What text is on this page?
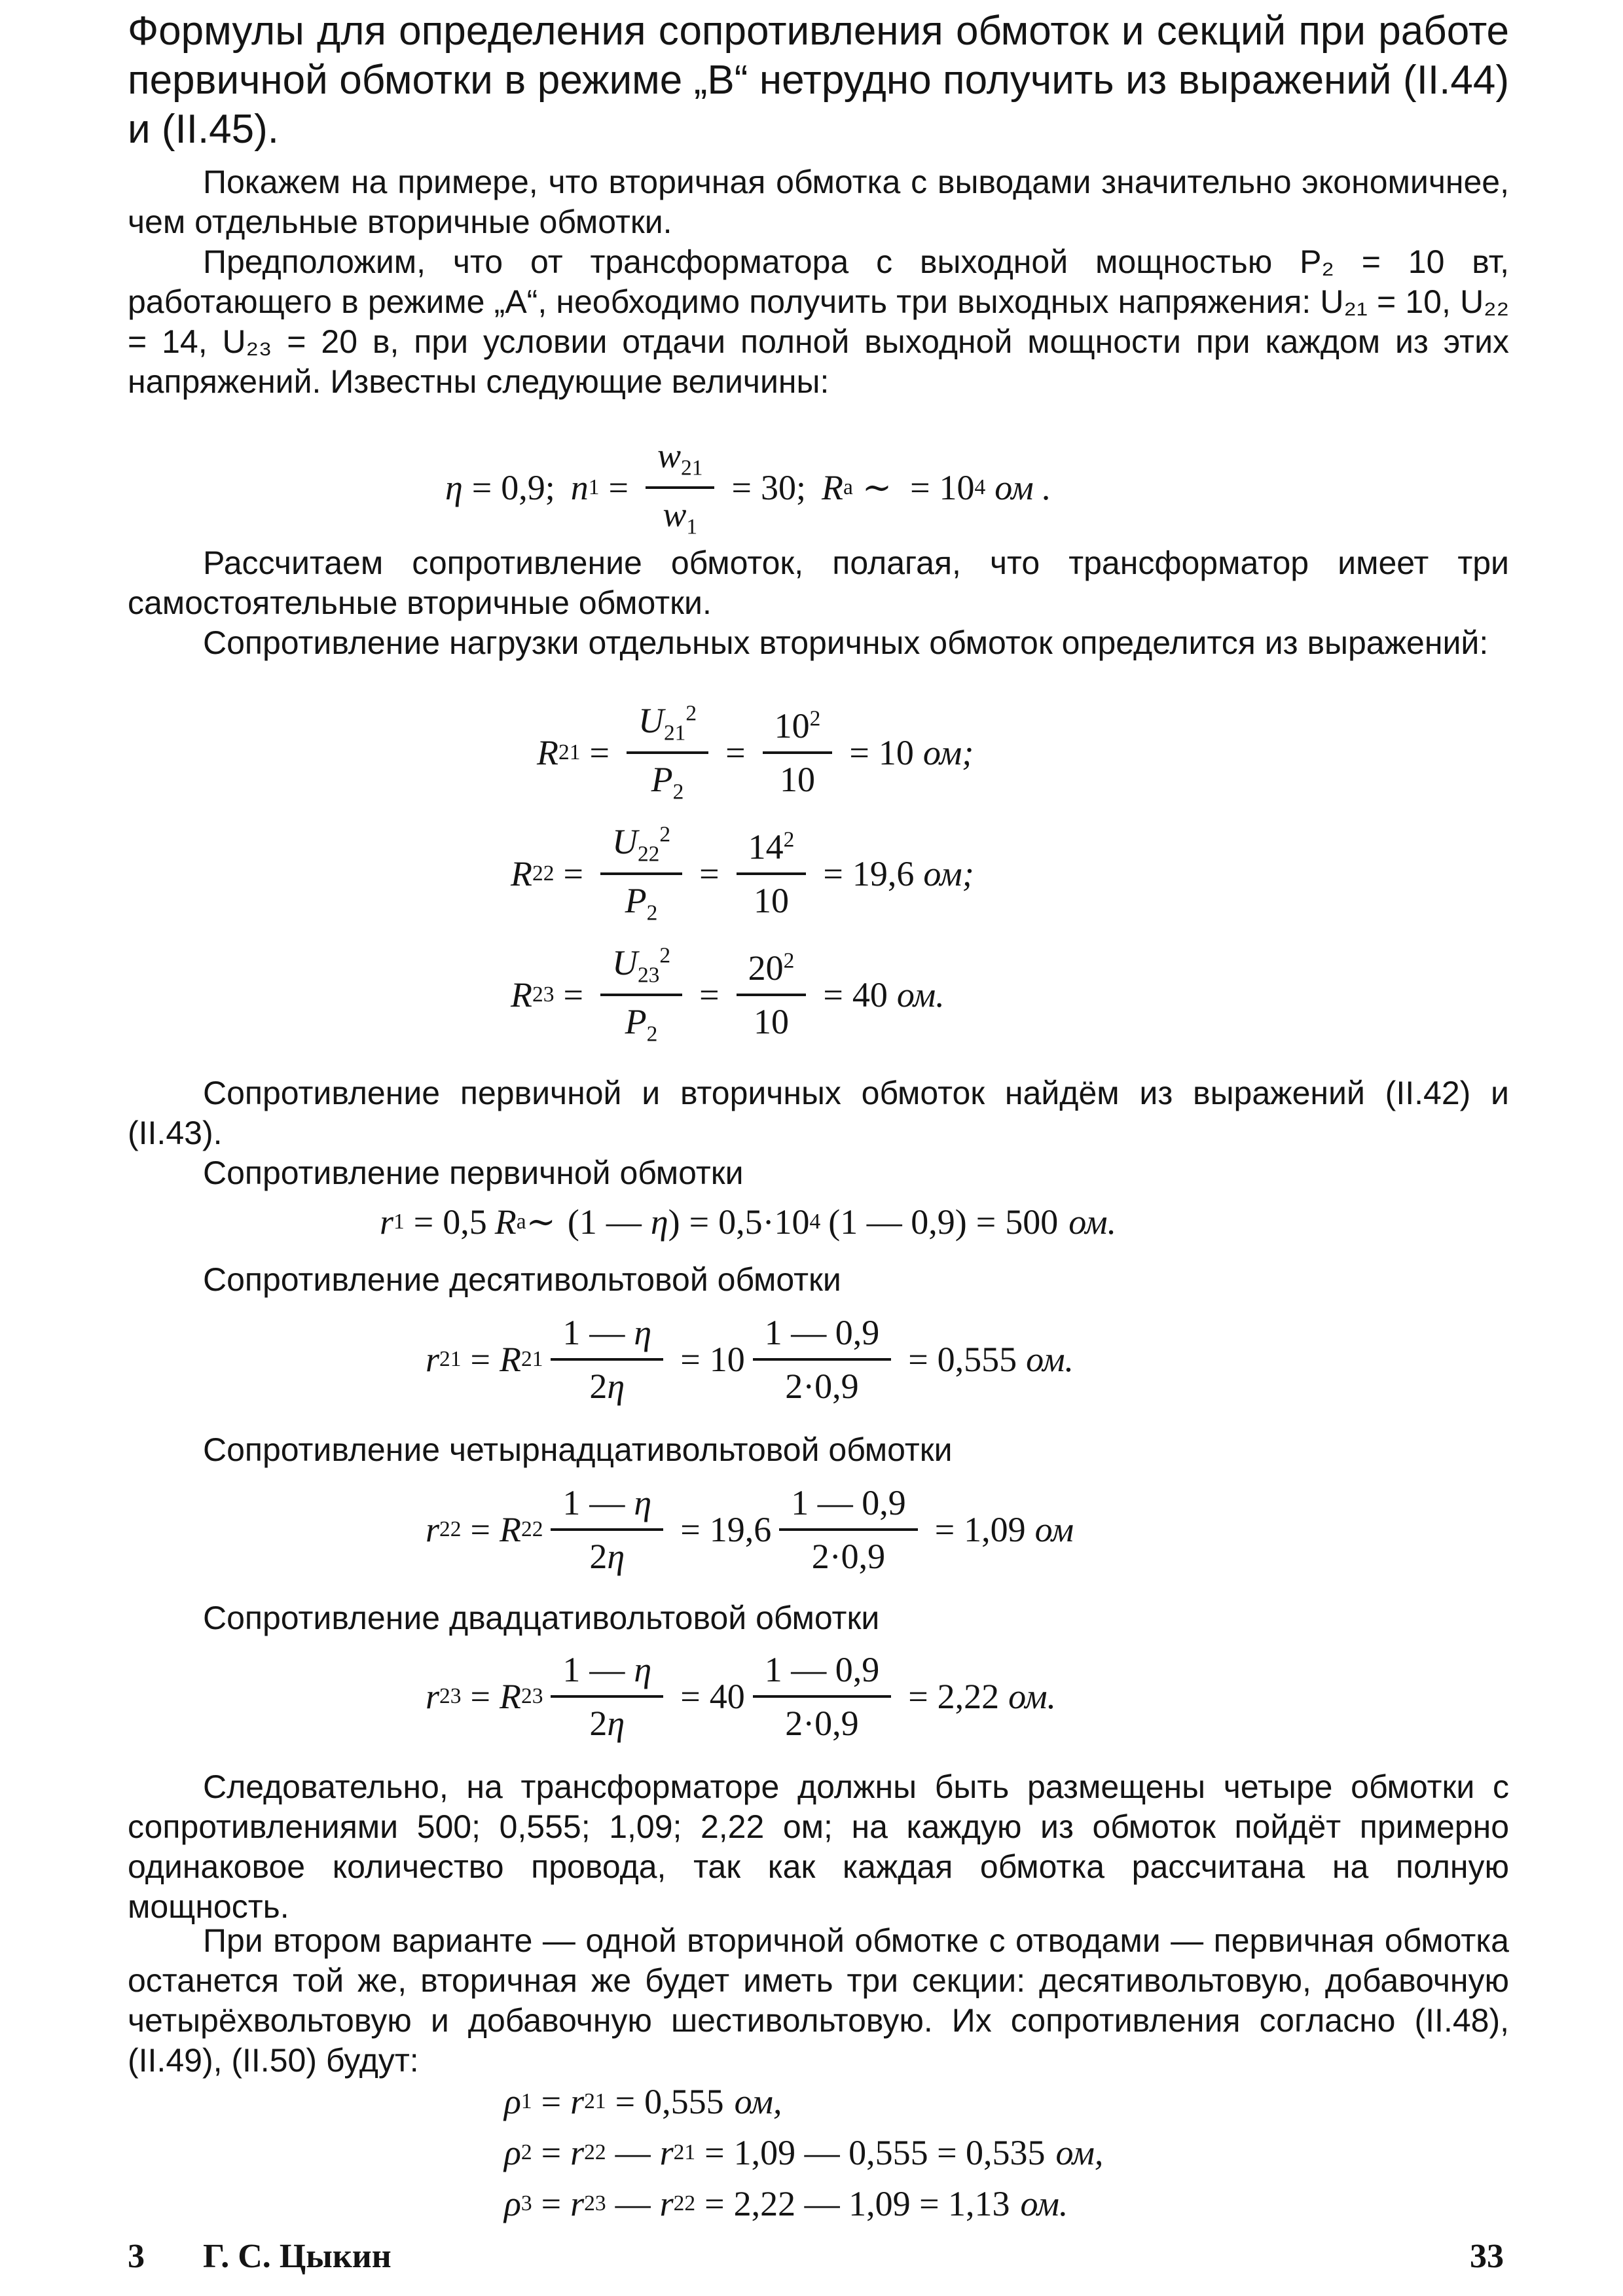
Формулы для определения сопротивления обмоток и секций при работе первичной обмотки в режиме „В“ нетрудно получить из выражений (II.44) и (II.45).

Покажем на примере, что вторичная обмотка с выводами значительно экономичнее, чем отдельные вторичные обмотки.

Предположим, что от трансформатора с выходной мощностью P₂ = 10 вт, работающего в режиме „A“, необходимо получить три выходных напряжения: U₂₁ = 10, U₂₂ = 14, U₂₃ = 20 в, при условии отдачи полной выходной мощности при каждом из этих напряжений. Известны следующие величины:

η = 0,9; n $1 = \frac{w_{21}}{w_1} = 30$; R a ∼ = 10 4 ом .

Рассчитаем сопротивление обмоток, полагая, что трансформатор имеет три самостоятельные вторичные обмотки.

Сопротивление нагрузки отдельных вторичных обмоток определится из выражений:

R $21 = \frac{U_{21}^2}{P_2} = \frac{10^2}{10} = 10$ ом;
R $22 = \frac{U_{22}^2}{P_2} = \frac{14^2}{10} = 19,6$ ом;
R $23 = \frac{U_{23}^2}{P_2} = \frac{20^2}{10} = 40$ ом.

Сопротивление первичной и вторичных обмоток найдём из выражений (II.42) и (II.43).

Сопротивление первичной обмотки

r 1 = 0,5 R a ∼ ( 1 — η ) = 0,5·10 4 (1 — 0,9) = 500 ом.

Сопротивление десятивольтовой обмотки

r 21 = R $21 \frac{1 — \eta}{2\eta} = 10 \frac{1 — 0,9}{2\cdot 0,9} = 0,555$ ом.

Сопротивление четырнадцативольтовой обмотки

r 22 = R $22 \frac{1 — \eta}{2\eta} = 19,6 \frac{1 — 0,9}{2\cdot 0,9} = 1,09$ ом

Сопротивление двадцативольтовой обмотки

r 23 = R $23 \frac{1 — \eta}{2\eta} = 40 \frac{1 — 0,9}{2\cdot 0,9} = 2,22$ ом.

Следовательно, на трансформаторе должны быть размещены четыре обмотки с сопротивлениями 500; 0,555; 1,09; 2,22 ом; на каждую из обмоток пойдёт примерно одинаковое количество провода, так как каждая обмотка рассчитана на полную мощность.

При втором варианте — одной вторичной обмотке с отводами — первичная обмотка останется той же, вторичная же будет иметь три секции: десятивольтовую, добавочную четырёхвольтовую и добавочную шестивольтовую. Их сопротивления согласно (II.48), (II.49), (II.50) будут:

ρ 1 = r 21 = 0,555 ом,
ρ 2 = r 22 — r 21 = 1,09 — 0,555 = 0,535 ом,
ρ 3 = r 23 — r 22 = 2,22 — 1,09 = 1,13 ом.
3 Г. С. Цыкин	33
